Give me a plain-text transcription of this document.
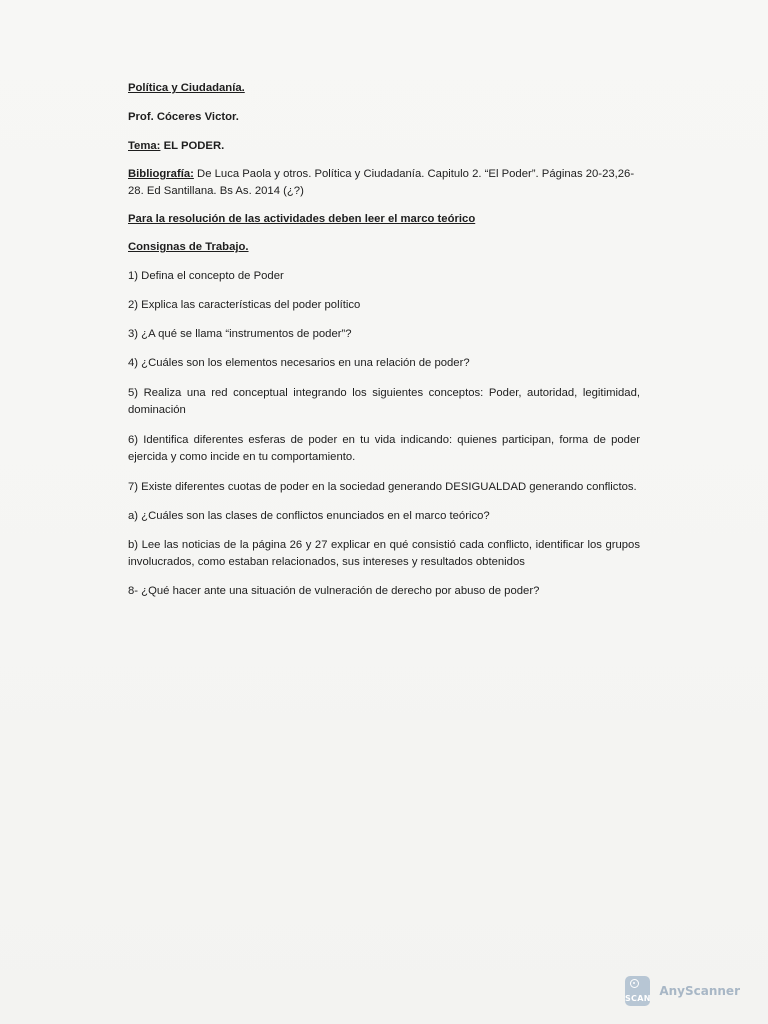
Política y Ciudadanía.

Prof. Cóceres Victor.

Tema: EL PODER.

Bibliografía: De Luca Paola y otros. Política y Ciudadanía. Capitulo 2. “El Poder”. Páginas 20-23,26- 28. Ed Santillana. Bs As. 2014 (¿?)

Para la resolución de las actividades deben leer el marco teórico

Consignas de Trabajo.

1) Defina el concepto de Poder

2) Explica las características del poder político

3) ¿A qué se llama “instrumentos de poder”?

4) ¿Cuáles son los elementos necesarios en una relación de poder?

5) Realiza una red conceptual integrando los siguientes conceptos: Poder, autoridad, legitimidad, dominación

6) Identifica diferentes esferas de poder en tu vida indicando: quienes participan, forma de poder ejercida y como incide en tu comportamiento.

7) Existe diferentes cuotas de poder en la sociedad generando DESIGUALDAD generando conflictos.

a) ¿Cuáles son las clases de conflictos enunciados en el marco teórico?

b) Lee las noticias de la página 26 y 27 explicar en qué consistió cada conflicto, identificar los grupos involucrados, como estaban relacionados, sus intereses y resultados obtenidos

8- ¿Qué hacer ante una situación de vulneración de derecho por abuso de poder?

SCAN
AnyScanner
